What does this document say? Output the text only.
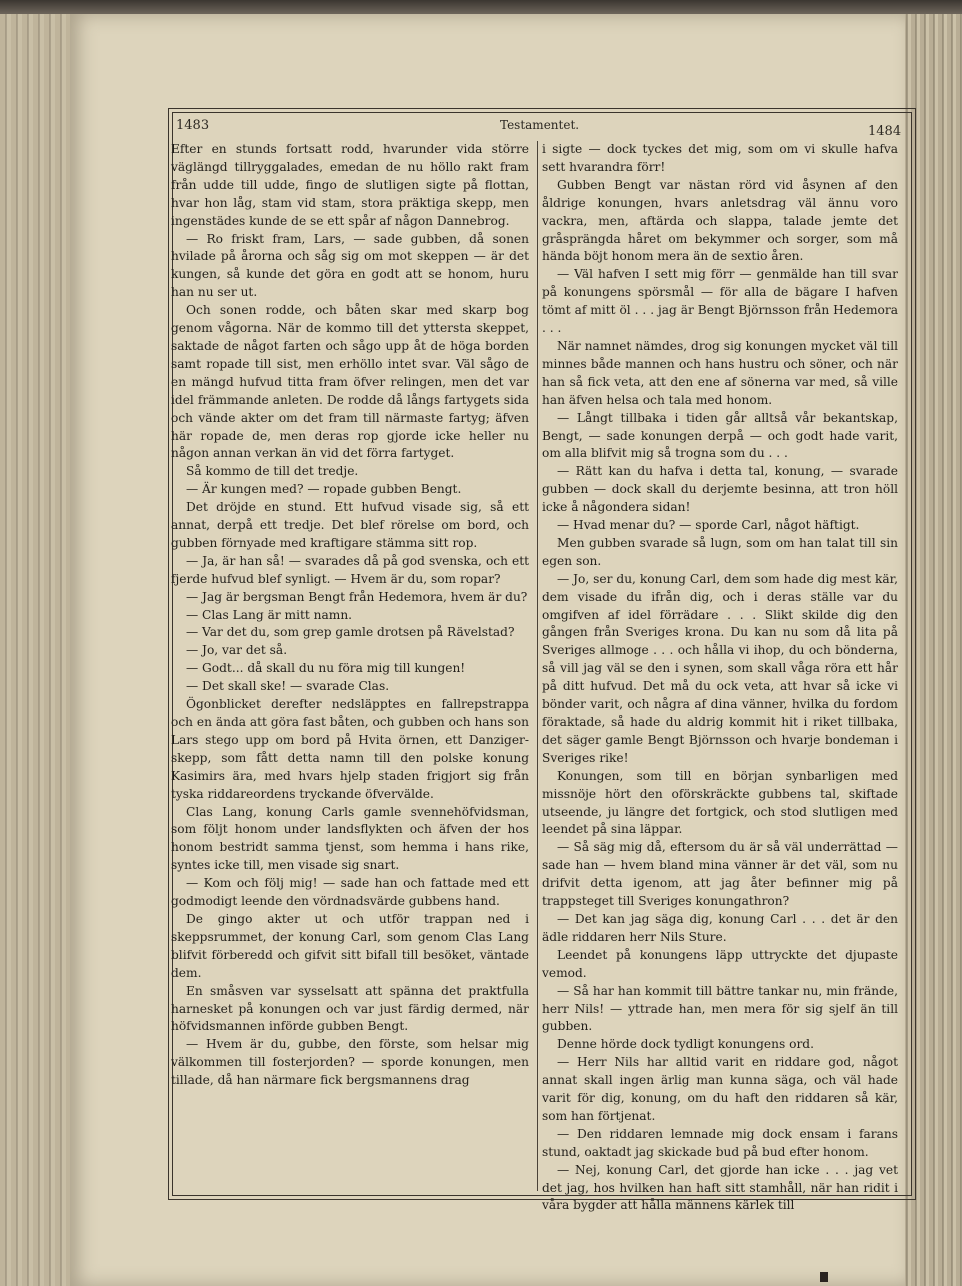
1483	Testamentet.	1484

Efter en stunds fortsatt rodd, hvarunder vida större väglängd tillryggalades, emedan de nu höllo rakt fram från udde till udde, fingo de slutligen sigte på flottan, hvar hon låg, stam vid stam, stora präktiga skepp, men ingenstädes kunde de se ett spår af någon Dannebrog.

— Ro friskt fram, Lars, — sade gubben, då sonen hvilade på årorna och såg sig om mot skeppen — är det kungen, så kunde det göra en godt att se honom, huru han nu ser ut.

Och sonen rodde, och båten skar med skarp bog genom vågorna. När de kommo till det yttersta skeppet, saktade de något farten och sågo upp åt de höga borden samt ropade till sist, men erhöllo intet svar. Väl sågo de en mängd hufvud titta fram öfver relingen, men det var idel främmande anleten. De rodde då långs fartygets sida och vände akter om det fram till närmaste fartyg; äfven här ropade de, men deras rop gjorde icke heller nu någon annan verkan än vid det förra fartyget.

Så kommo de till det tredje.

— Är kungen med? — ropade gubben Bengt.

Det dröjde en stund. Ett hufvud visade sig, så ett annat, derpå ett tredje. Det blef rörelse om bord, och gubben förnyade med kraftigare stämma sitt rop.

— Ja, är han så! — svarades då på god svenska, och ett fjerde hufvud blef synligt. — Hvem är du, som ropar?

— Jag är bergsman Bengt från Hedemora, hvem är du?

— Clas Lang är mitt namn.

— Var det du, som grep gamle drotsen på Rävelstad?

— Jo, var det så.

— Godt... då skall du nu föra mig till kungen!

— Det skall ske! — svarade Clas.

Ögonblicket derefter nedsläpptes en fallrepstrappa och en ända att göra fast båten, och gubben och hans son Lars stego upp om bord på Hvita örnen, ett Danziger-skepp, som fått detta namn till den polske konung Kasimirs ära, med hvars hjelp staden frigjort sig från tyska riddareordens tryckande öfvervälde.

Clas Lang, konung Carls gamle svennehöfvidsman, som följt honom under landsflykten och äfven der hos honom bestridt samma tjenst, som hemma i hans rike, syntes icke till, men visade sig snart.

— Kom och följ mig! — sade han och fattade med ett godmodigt leende den vördnadsvärde gubbens hand.

De gingo akter ut och utför trappan ned i skeppsrummet, der konung Carl, som genom Clas Lang blifvit förberedd och gifvit sitt bifall till besöket, väntade dem.

En småsven var sysselsatt att spänna det praktfulla harnesket på konungen och var just färdig dermed, när höfvidsmannen införde gubben Bengt.

— Hvem är du, gubbe, den förste, som helsar mig välkommen till fosterjorden? — sporde konungen, men tillade, då han närmare fick bergsmannens drag

i sigte — dock tyckes det mig, som om vi skulle hafva sett hvarandra förr!

Gubben Bengt var nästan rörd vid åsynen af den åldrige konungen, hvars anletsdrag väl ännu voro vackra, men, aftärda och slappa, talade jemte det gråsprängda håret om bekymmer och sorger, som må hända böjt honom mera än de sextio åren.

— Väl hafven I sett mig förr — genmälde han till svar på konungens spörsmål — för alla de bägare I hafven tömt af mitt öl . . . jag är Bengt Björnsson från Hedemora . . .

När namnet nämdes, drog sig konungen mycket väl till minnes både mannen och hans hustru och söner, och när han så fick veta, att den ene af sönerna var med, så ville han äfven helsa och tala med honom.

— Långt tillbaka i tiden går alltså vår bekantskap, Bengt, — sade konungen derpå — och godt hade varit, om alla blifvit mig så trogna som du . . .

— Rätt kan du hafva i detta tal, konung, — svarade gubben — dock skall du derjemte besinna, att tron höll icke å någondera sidan!

— Hvad menar du? — sporde Carl, något häftigt.

Men gubben svarade så lugn, som om han talat till sin egen son.

— Jo, ser du, konung Carl, dem som hade dig mest kär, dem visade du ifrån dig, och i deras ställe var du omgifven af idel förrädare . . . Slikt skilde dig den gången från Sveriges krona. Du kan nu som då lita på Sveriges allmoge . . . och hålla vi ihop, du och bönderna, så vill jag väl se den i synen, som skall våga röra ett hår på ditt hufvud. Det må du ock veta, att hvar så icke vi bönder varit, och några af dina vänner, hvilka du fordom föraktade, så hade du aldrig kommit hit i riket tillbaka, det säger gamle Bengt Björnsson och hvarje bondeman i Sveriges rike!

Konungen, som till en början synbarligen med missnöje hört den oförskräckte gubbens tal, skiftade utseende, ju längre det fortgick, och stod slutligen med leendet på sina läppar.

— Så säg mig då, eftersom du är så väl underrättad — sade han — hvem bland mina vänner är det väl, som nu drifvit detta igenom, att jag åter befinner mig på trappsteget till Sveriges konungathron?

— Det kan jag säga dig, konung Carl . . . det är den ädle riddaren herr Nils Sture.

Leendet på konungens läpp uttryckte det djupaste vemod.

— Så har han kommit till bättre tankar nu, min frände, herr Nils! — yttrade han, men mera för sig sjelf än till gubben.

Denne hörde dock tydligt konungens ord.

— Herr Nils har alltid varit en riddare god, något annat skall ingen ärlig man kunna säga, och väl hade varit för dig, konung, om du haft den riddaren så kär, som han förtjenat.

— Den riddaren lemnade mig dock ensam i farans stund, oaktadt jag skickade bud på bud efter honom.

— Nej, konung Carl, det gjorde han icke . . . jag vet det jag, hos hvilken han haft sitt stamhåll, när han ridit i våra bygder att hålla männens kärlek till
